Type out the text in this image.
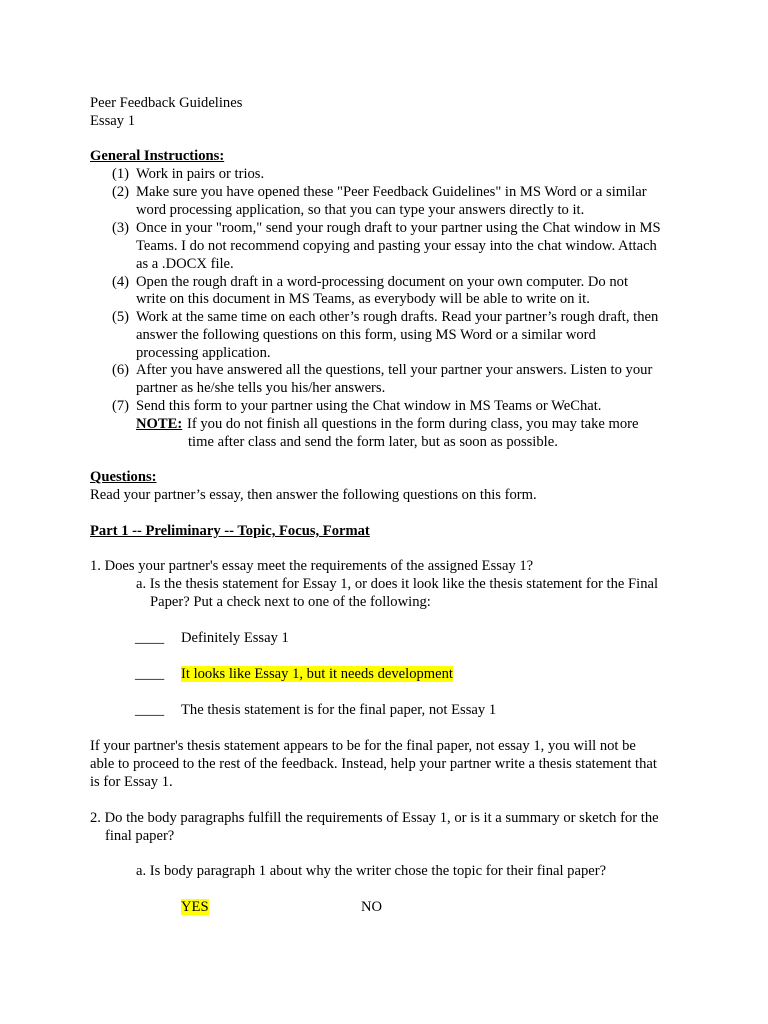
Peer Feedback Guidelines
Essay 1
General Instructions:
(1) Work in pairs or trios.
(2) Make sure you have opened these "Peer Feedback Guidelines" in MS Word or a similar
word processing application, so that you can type your answers directly to it.
(3) Once in your "room," send your rough draft to your partner using the Chat window in MS
Teams. I do not recommend copying and pasting your essay into the chat window. Attach
as a .DOCX file.
(4) Open the rough draft in a word-processing document on your own computer. Do not
write on this document in MS Teams, as everybody will be able to write on it.
(5) Work at the same time on each other’s rough drafts. Read your partner’s rough draft, then
answer the following questions on this form, using MS Word or a similar word
processing application.
(6) After you have answered all the questions, tell your partner your answers. Listen to your
partner as he/she tells you his/her answers.
(7) Send this form to your partner using the Chat window in MS Teams or WeChat.
NOTE: If you do not finish all questions in the form during class, you may take more
time after class and send the form later, but as soon as possible.
Questions:
Read your partner’s essay, then answer the following questions on this form.
Part 1 -- Preliminary -- Topic, Focus, Format
1. Does your partner's essay meet the requirements of the assigned Essay 1?
a. Is the thesis statement for Essay 1, or does it look like the thesis statement for the Final
Paper? Put a check next to one of the following:
____ Definitely Essay 1
____ It looks like Essay 1, but it needs development
____ The thesis statement is for the final paper, not Essay 1
If your partner's thesis statement appears to be for the final paper, not essay 1, you will not be
able to proceed to the rest of the feedback. Instead, help your partner write a thesis statement that
is for Essay 1.
2. Do the body paragraphs fulfill the requirements of Essay 1, or is it a summary or sketch for the
final paper?
a. Is body paragraph 1 about why the writer chose the topic for their final paper?
YES	NO
